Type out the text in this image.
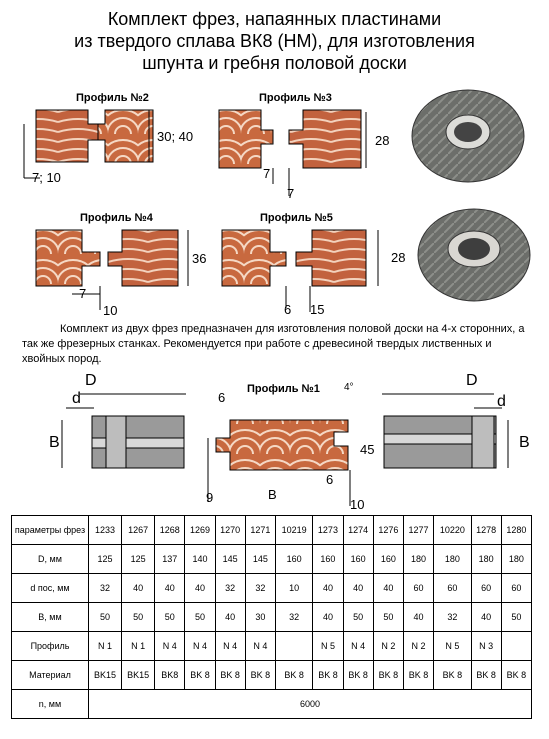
Комплект фрез, напаянных пластинами
из твердого сплава ВК8 (НМ), для изготовления
шпунта и гребня половой доски
Профиль №2
30; 40
7; 10
Профиль №3
28
7
7
Профиль №4
36
7
10
Профиль №5
28
6 15
Комплект из двух фрез предназначен для изготовления половой доски на 4-х сторонних, а так же фрезерных станках. Рекомендуется при работе с древесиной твердых лиственных и хвойных пород.
D
d
B
Профиль №1
6
4°
45
6
9	B
10
D
d
B
параметры фрез	1233	1267	1268	1269	1270	1271	10219	1273	1274	1276	1277	10220	1278	1280
D, мм	125	125	137	140	145	145	160	160	160	160	180	180	180	180
d пос, мм	32	40	40	40	32	32	10	40	40	40	60	60	60	60
B, мм	50	50	50	50	40	30	32	40	50	50	40	32	40	50
Профиль	N 1	N 1	N 4	N 4	N 4	N 4		N 5	N 4	N 2	N 2	N 5	N 3	
Материал	BK15	BK15	BK8	BK 8	BK 8	BK 8	BK 8	BK 8	BK 8	BK 8	BK 8	BK 8	BK 8	BK 8
n, мм	6000													
